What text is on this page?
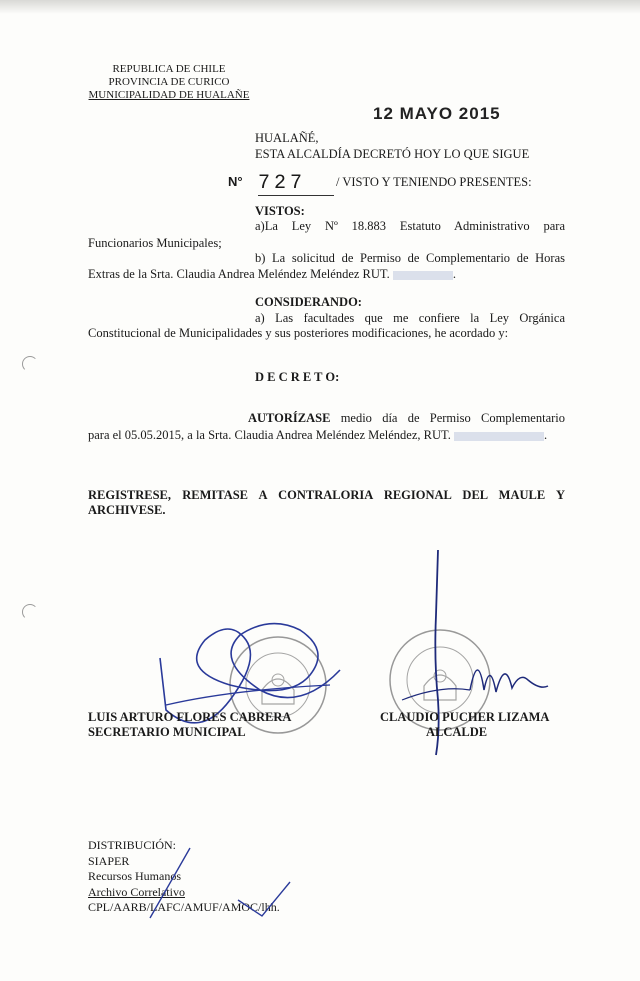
REPUBLICA DE CHILE
PROVINCIA DE CURICO
MUNICIPALIDAD DE HUALAÑE
12 MAYO 2015
HUALAÑÉ,
ESTA ALCALDÍA DECRETÓ HOY LO QUE SIGUE
N° 727	/ VISTO Y TENIENDO PRESENTES:
VISTOS:
a)La Ley Nº 18.883 Estatuto Administrativo para
Funcionarios Municipales;
b) La solicitud de Permiso de Complementario de Horas
Extras de la Srta. Claudia Andrea Meléndez Meléndez RUT.	.
CONSIDERANDO:
a) Las facultades que me confiere la Ley Orgánica
Constitucional de Municipalidades y sus posteriores modificaciones, he acordado y:
D E C R E T O:
AUTORÍZASE medio día de Permiso Complementario
para el 05.05.2015, a la Srta. Claudia Andrea Meléndez Meléndez, RUT.	.
REGISTRESE, REMITASE A CONTRALORIA REGIONAL DEL MAULE Y
ARCHIVESE.
LUIS ARTURO FLORES CABRERA
SECRETARIO MUNICIPAL
CLAUDIO PUCHER LIZAMA
ALCALDE
DISTRIBUCIÓN:
SIAPER
Recursos Humanos
Archivo Correlativo
CPL/AARB/LAFC/AMUF/AMOC/lhh.
